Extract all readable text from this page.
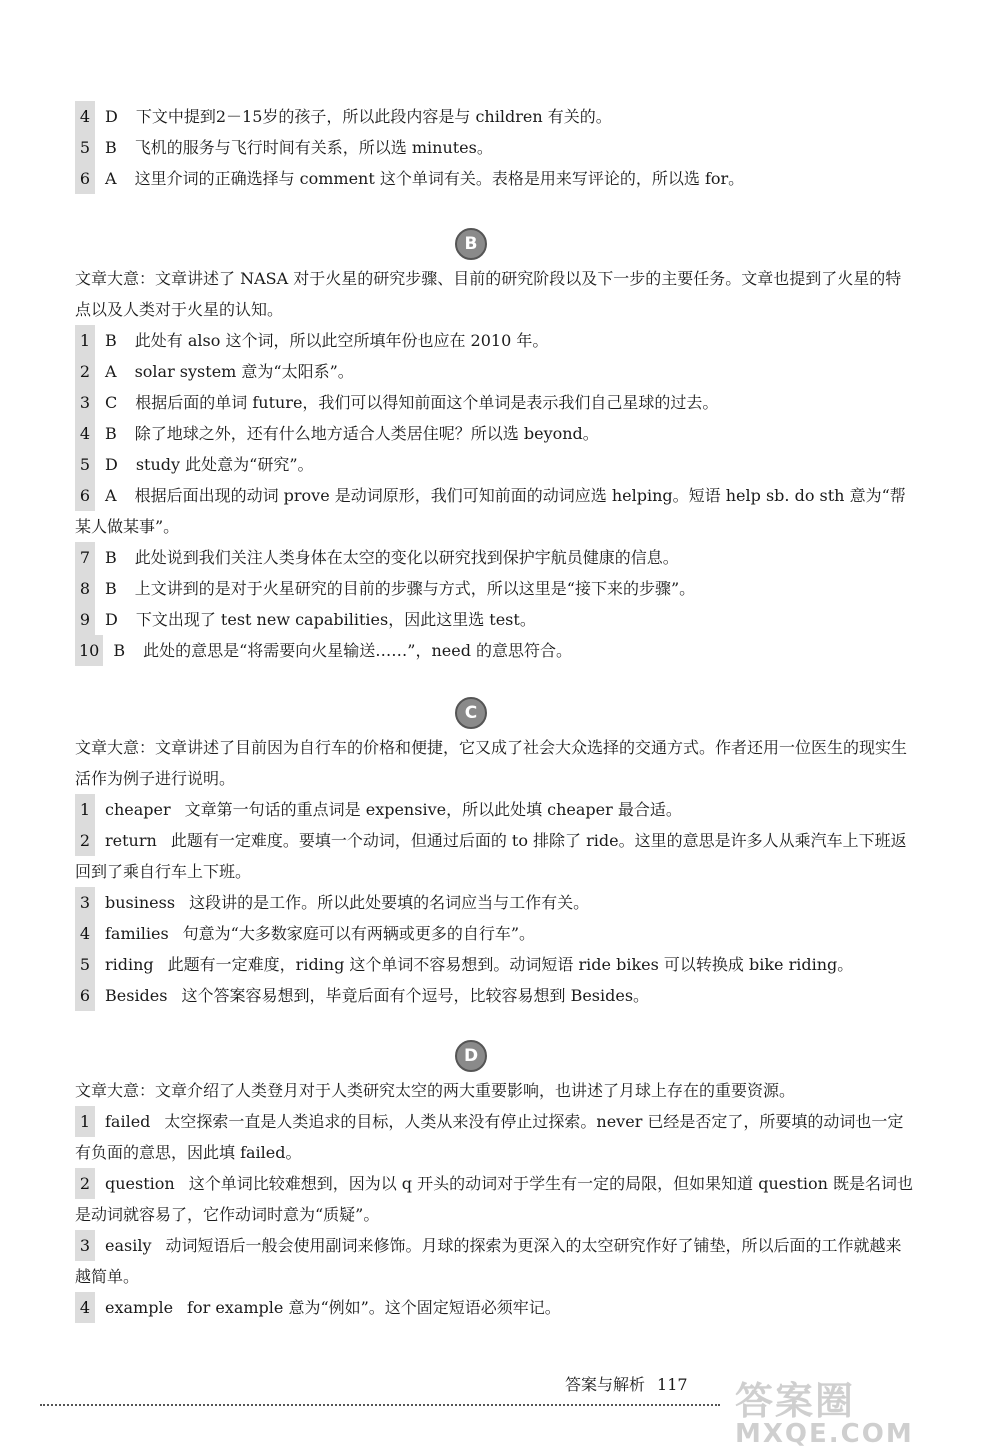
4 D 下文中提到2－15岁的孩子，所以此段内容是与 children 有关的。
5 B 飞机的服务与飞行时间有关系，所以选 minutes。
6 A 这里介词的正确选择与 comment 这个单词有关。表格是用来写评论的，所以选 for。
B
文章大意：文章讲述了 NASA 对于火星的研究步骤、目前的研究阶段以及下一步的主要任务。文章也提到了火星的特点以及人类对于火星的认知。
1 B 此处有 also 这个词，所以此空所填年份也应在 2010 年。
2 A solar system 意为“太阳系”。
3 C 根据后面的单词 future，我们可以得知前面这个单词是表示我们自己星球的过去。
4 B 除了地球之外，还有什么地方适合人类居住呢？所以选 beyond。
5 D study 此处意为“研究”。
6 A 根据后面出现的动词 prove 是动词原形，我们可知前面的动词应选 helping。短语 help sb. do sth 意为“帮某人做某事”。
7 B 此处说到我们关注人类身体在太空的变化以研究找到保护宇航员健康的信息。
8 B 上文讲到的是对于火星研究的目前的步骤与方式，所以这里是“接下来的步骤”。
9 D 下文出现了 test new capabilities，因此这里选 test。
10 B 此处的意思是“将需要向火星输送……”，need 的意思符合。
C
文章大意：文章讲述了目前因为自行车的价格和便捷，它又成了社会大众选择的交通方式。作者还用一位医生的现实生活作为例子进行说明。
1 cheaper 文章第一句话的重点词是 expensive，所以此处填 cheaper 最合适。
2 return 此题有一定难度。要填一个动词，但通过后面的 to 排除了 ride。这里的意思是许多人从乘汽车上下班返回到了乘自行车上下班。
3 business 这段讲的是工作。所以此处要填的名词应当与工作有关。
4 families 句意为“大多数家庭可以有两辆或更多的自行车”。
5 riding 此题有一定难度，riding 这个单词不容易想到。动词短语 ride bikes 可以转换成 bike riding。
6 Besides 这个答案容易想到，毕竟后面有个逗号，比较容易想到 Besides。
D
文章大意：文章介绍了人类登月对于人类研究太空的两大重要影响，也讲述了月球上存在的重要资源。
1 failed 太空探索一直是人类追求的目标，人类从来没有停止过探索。never 已经是否定了，所要填的动词也一定有负面的意思，因此填 failed。
2 question 这个单词比较难想到，因为以 q 开头的动词对于学生有一定的局限，但如果知道 question 既是名词也是动词就容易了，它作动词时意为“质疑”。
3 easily 动词短语后一般会使用副词来修饰。月球的探索为更深入的太空研究作好了铺垫，所以后面的工作就越来越简单。
4 example for example 意为“例如”。这个固定短语必须牢记。
答案与解析 117 答案圈
MXQE.COM
